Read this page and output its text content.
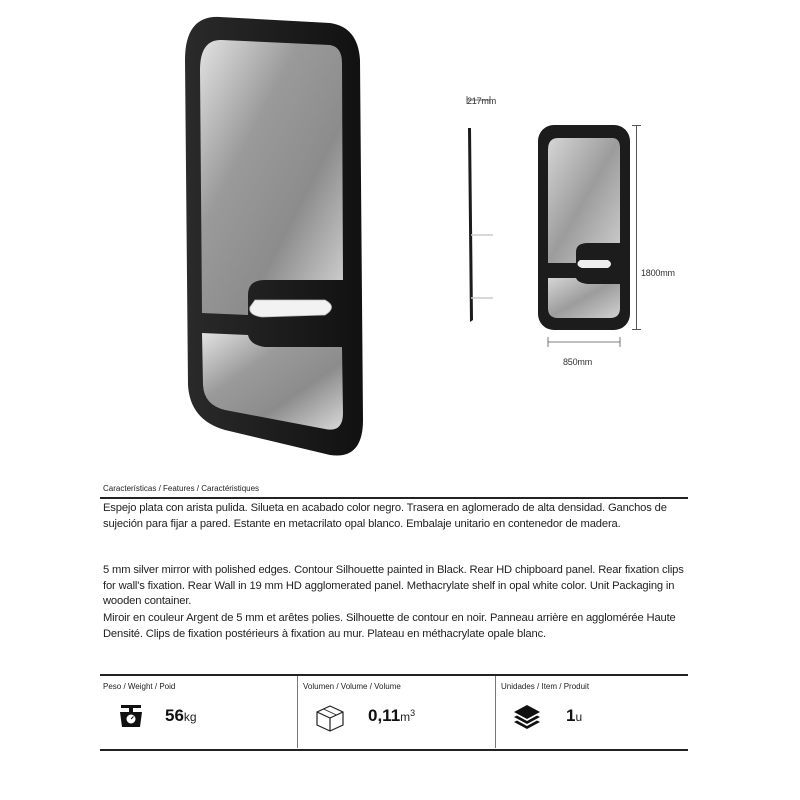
217mm
1800mm
850mm
Características / Features / Caractéristiques
Espejo plata con arista pulida. Silueta en acabado color negro. Trasera en aglomerado de alta densidad. Ganchos de sujeción para fijar a pared. Estante en metacrilato opal blanco. Embalaje unitario en contenedor de madera.
5 mm silver mirror with polished edges. Contour Silhouette painted in Black. Rear HD chipboard panel. Rear fixation clips for wall's fixation. Rear Wall in 19 mm HD agglomerated panel. Methacrylate shelf in opal white color. Unit Packaging in wooden container.
Miroir en couleur Argent de 5 mm et arêtes polies. Silhouette de contour en noir. Panneau arrière en agglomérée Haute Densité. Clips de fixation postérieurs à fixation au mur. Plateau en méthacrylate opale blanc.
Peso / Weight / Poid
56kg
Volumen / Volume / Volume
$0,11m^3$
Unidades / Item / Produit
1u
